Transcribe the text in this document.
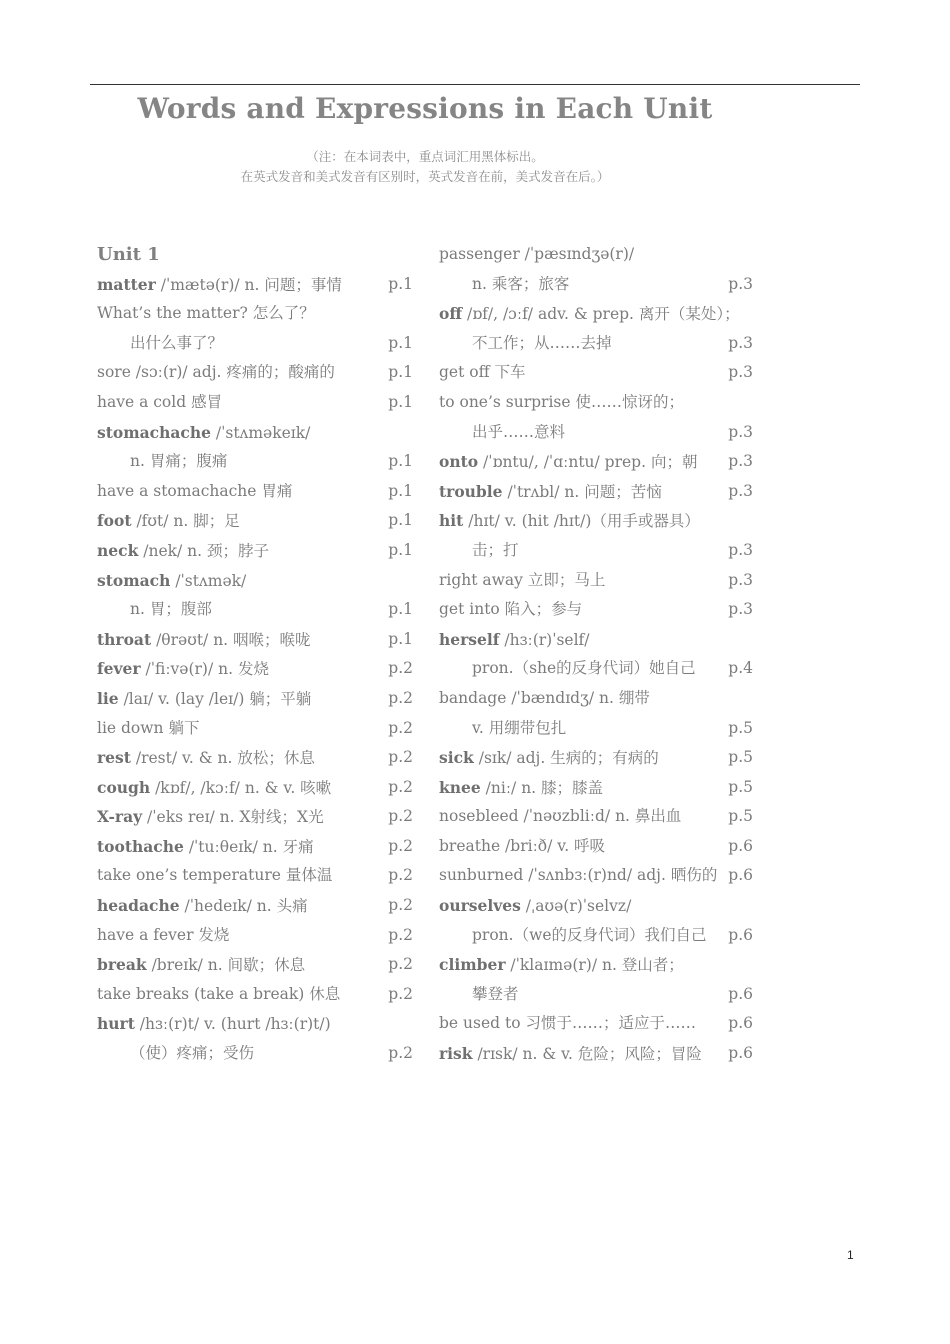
Words and Expressions in Each Unit
（注：在本词表中，重点词汇用黑体标出。
在英式发音和美式发音有区别时，英式发音在前，美式发音在后。）
Unit 1
matter /ˈmætə(r)/ n. 问题；事情	p.1
What’s the matter? 怎么了？
出什么事了？	p.1
sore /sɔː(r)/ adj. 疼痛的；酸痛的	p.1
have a cold 感冒	p.1
stomachache /ˈstʌməkeɪk/
n. 胃痛；腹痛	p.1
have a stomachache 胃痛	p.1
foot /fʊt/ n. 脚；足	p.1
neck /nek/ n. 颈；脖子	p.1
stomach /ˈstʌmək/
n. 胃；腹部	p.1
throat /θrəʊt/ n. 咽喉；喉咙	p.1
fever /ˈfiːvə(r)/ n. 发烧	p.2
lie /laɪ/ v. (lay /leɪ/) 躺；平躺	p.2
lie down 躺下	p.2
rest /rest/ v. & n. 放松；休息	p.2
cough /kɒf/, /kɔːf/ n. & v. 咳嗽	p.2
X-ray /ˈeks reɪ/ n. X射线；X光	p.2
toothache /ˈtuːθeɪk/ n. 牙痛	p.2
take one’s temperature 量体温	p.2
headache /ˈhedeɪk/ n. 头痛	p.2
have a fever 发烧	p.2
break /breɪk/ n. 间歇；休息	p.2
take breaks (take a break) 休息	p.2
hurt /hɜː(r)t/ v. (hurt /hɜː(r)t/)
（使）疼痛；受伤	p.2
passenger /ˈpæsɪndʒə(r)/
n. 乘客；旅客	p.3
off /ɒf/, /ɔːf/ adv. & prep. 离开（某处）；
不工作；从……去掉	p.3
get off 下车	p.3
to one’s surprise 使……惊讶的；
出乎……意料	p.3
onto /ˈɒntu/, /ˈɑːntu/ prep. 向；朝 p.3
trouble /ˈtrʌbl/ n. 问题；苦恼	p.3
hit /hɪt/ v. (hit /hɪt/)（用手或器具）
击；打	p.3
right away 立即；马上	p.3
get into 陷入；参与	p.3
herself /hɜː(r)ˈself/
pron.（she的反身代词）她自己 p.4
bandage /ˈbændɪdʒ/ n. 绷带
v. 用绷带包扎	p.5
sick /sɪk/ adj. 生病的；有病的	p.5
knee /niː/ n. 膝；膝盖	p.5
nosebleed /ˈnəʊzbliːd/ n. 鼻出血	p.5
breathe /briːð/ v. 呼吸	p.6
sunburned /ˈsʌnbɜː(r)nd/ adj. 晒伤的 p.6
ourselves /ˌaʊə(r)ˈselvz/
pron.（we的反身代词）我们自己 p.6
climber /ˈklaɪmə(r)/ n. 登山者；
攀登者	p.6
be used to 习惯于……；适应于…… p.6
risk /rɪsk/ n. & v. 危险；风险；冒险 p.6
1
